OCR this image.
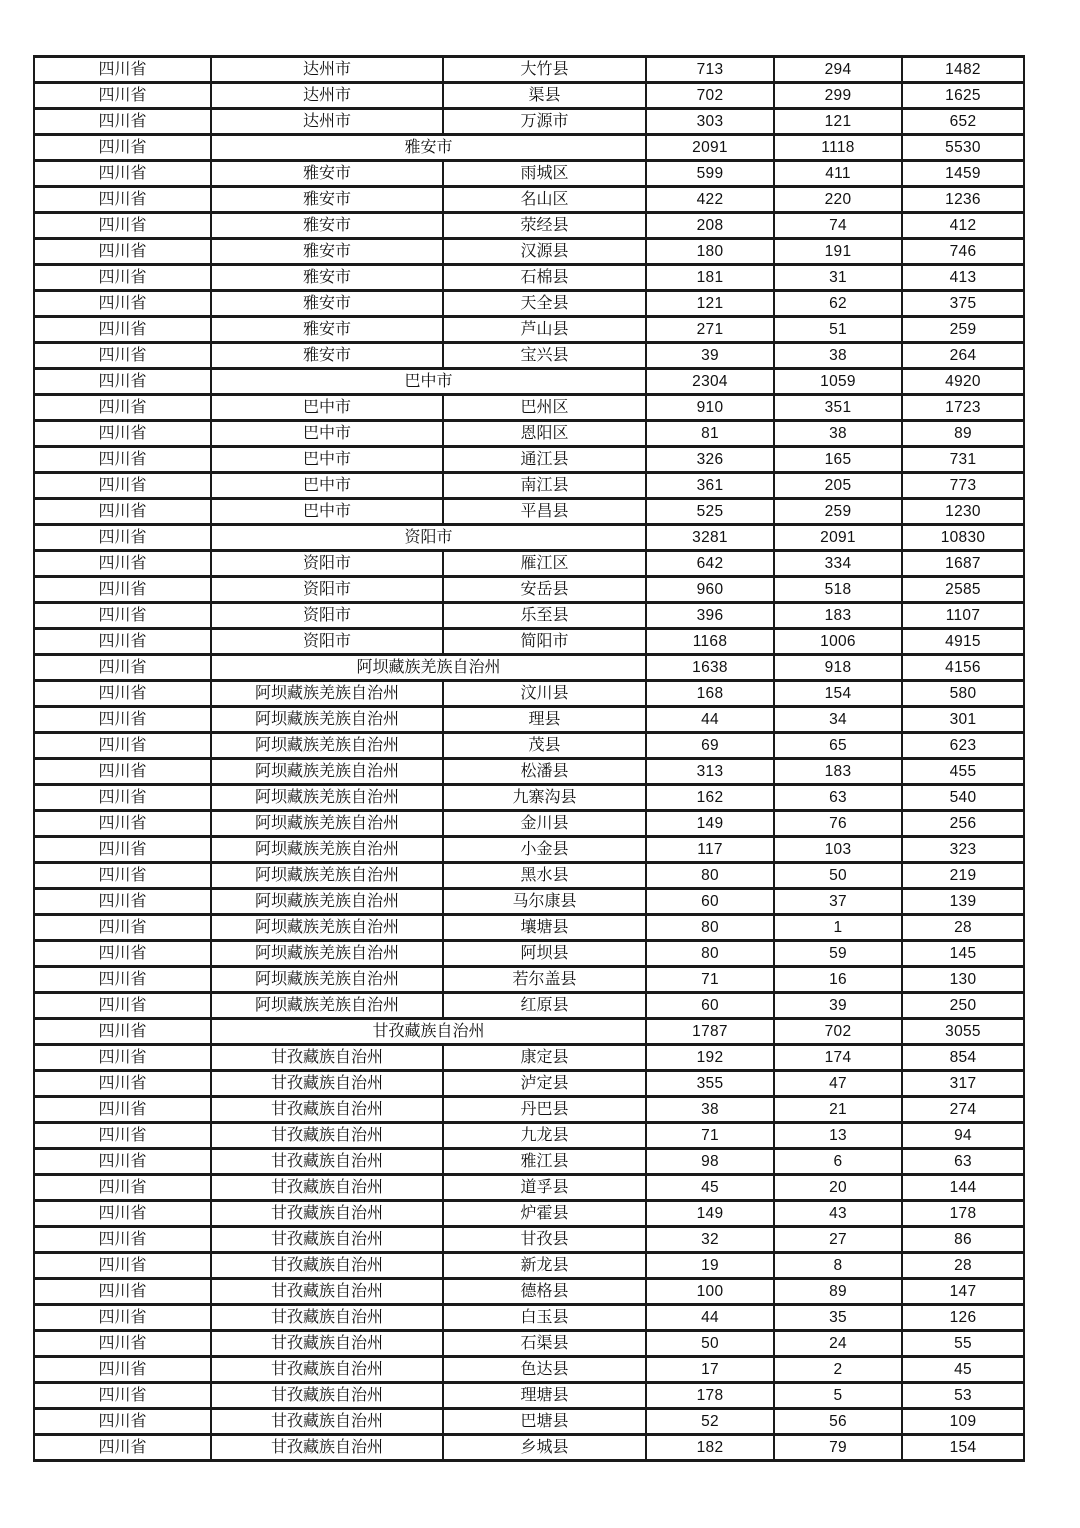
四川省	达州市	大竹县	713	294	1482
四川省	达州市	渠县	702	299	1625
四川省	达州市	万源市	303	121	652
四川省	雅安市		2091	1118	5530
四川省	雅安市	雨城区	599	411	1459
四川省	雅安市	名山区	422	220	1236
四川省	雅安市	荥经县	208	74	412
四川省	雅安市	汉源县	180	191	746
四川省	雅安市	石棉县	181	31	413
四川省	雅安市	天全县	121	62	375
四川省	雅安市	芦山县	271	51	259
四川省	雅安市	宝兴县	39	38	264
四川省	巴中市		2304	1059	4920
四川省	巴中市	巴州区	910	351	1723
四川省	巴中市	恩阳区	81	38	89
四川省	巴中市	通江县	326	165	731
四川省	巴中市	南江县	361	205	773
四川省	巴中市	平昌县	525	259	1230
四川省	资阳市		3281	2091	10830
四川省	资阳市	雁江区	642	334	1687
四川省	资阳市	安岳县	960	518	2585
四川省	资阳市	乐至县	396	183	1107
四川省	资阳市	简阳市	1168	1006	4915
四川省	阿坝藏族羌族自治州		1638	918	4156
四川省	阿坝藏族羌族自治州	汶川县	168	154	580
四川省	阿坝藏族羌族自治州	理县	44	34	301
四川省	阿坝藏族羌族自治州	茂县	69	65	623
四川省	阿坝藏族羌族自治州	松潘县	313	183	455
四川省	阿坝藏族羌族自治州	九寨沟县	162	63	540
四川省	阿坝藏族羌族自治州	金川县	149	76	256
四川省	阿坝藏族羌族自治州	小金县	117	103	323
四川省	阿坝藏族羌族自治州	黑水县	80	50	219
四川省	阿坝藏族羌族自治州	马尔康县	60	37	139
四川省	阿坝藏族羌族自治州	壤塘县	80	1	28
四川省	阿坝藏族羌族自治州	阿坝县	80	59	145
四川省	阿坝藏族羌族自治州	若尔盖县	71	16	130
四川省	阿坝藏族羌族自治州	红原县	60	39	250
四川省	甘孜藏族自治州		1787	702	3055
四川省	甘孜藏族自治州	康定县	192	174	854
四川省	甘孜藏族自治州	泸定县	355	47	317
四川省	甘孜藏族自治州	丹巴县	38	21	274
四川省	甘孜藏族自治州	九龙县	71	13	94
四川省	甘孜藏族自治州	雅江县	98	6	63
四川省	甘孜藏族自治州	道孚县	45	20	144
四川省	甘孜藏族自治州	炉霍县	149	43	178
四川省	甘孜藏族自治州	甘孜县	32	27	86
四川省	甘孜藏族自治州	新龙县	19	8	28
四川省	甘孜藏族自治州	德格县	100	89	147
四川省	甘孜藏族自治州	白玉县	44	35	126
四川省	甘孜藏族自治州	石渠县	50	24	55
四川省	甘孜藏族自治州	色达县	17	2	45
四川省	甘孜藏族自治州	理塘县	178	5	53
四川省	甘孜藏族自治州	巴塘县	52	56	109
四川省	甘孜藏族自治州	乡城县	182	79	154
